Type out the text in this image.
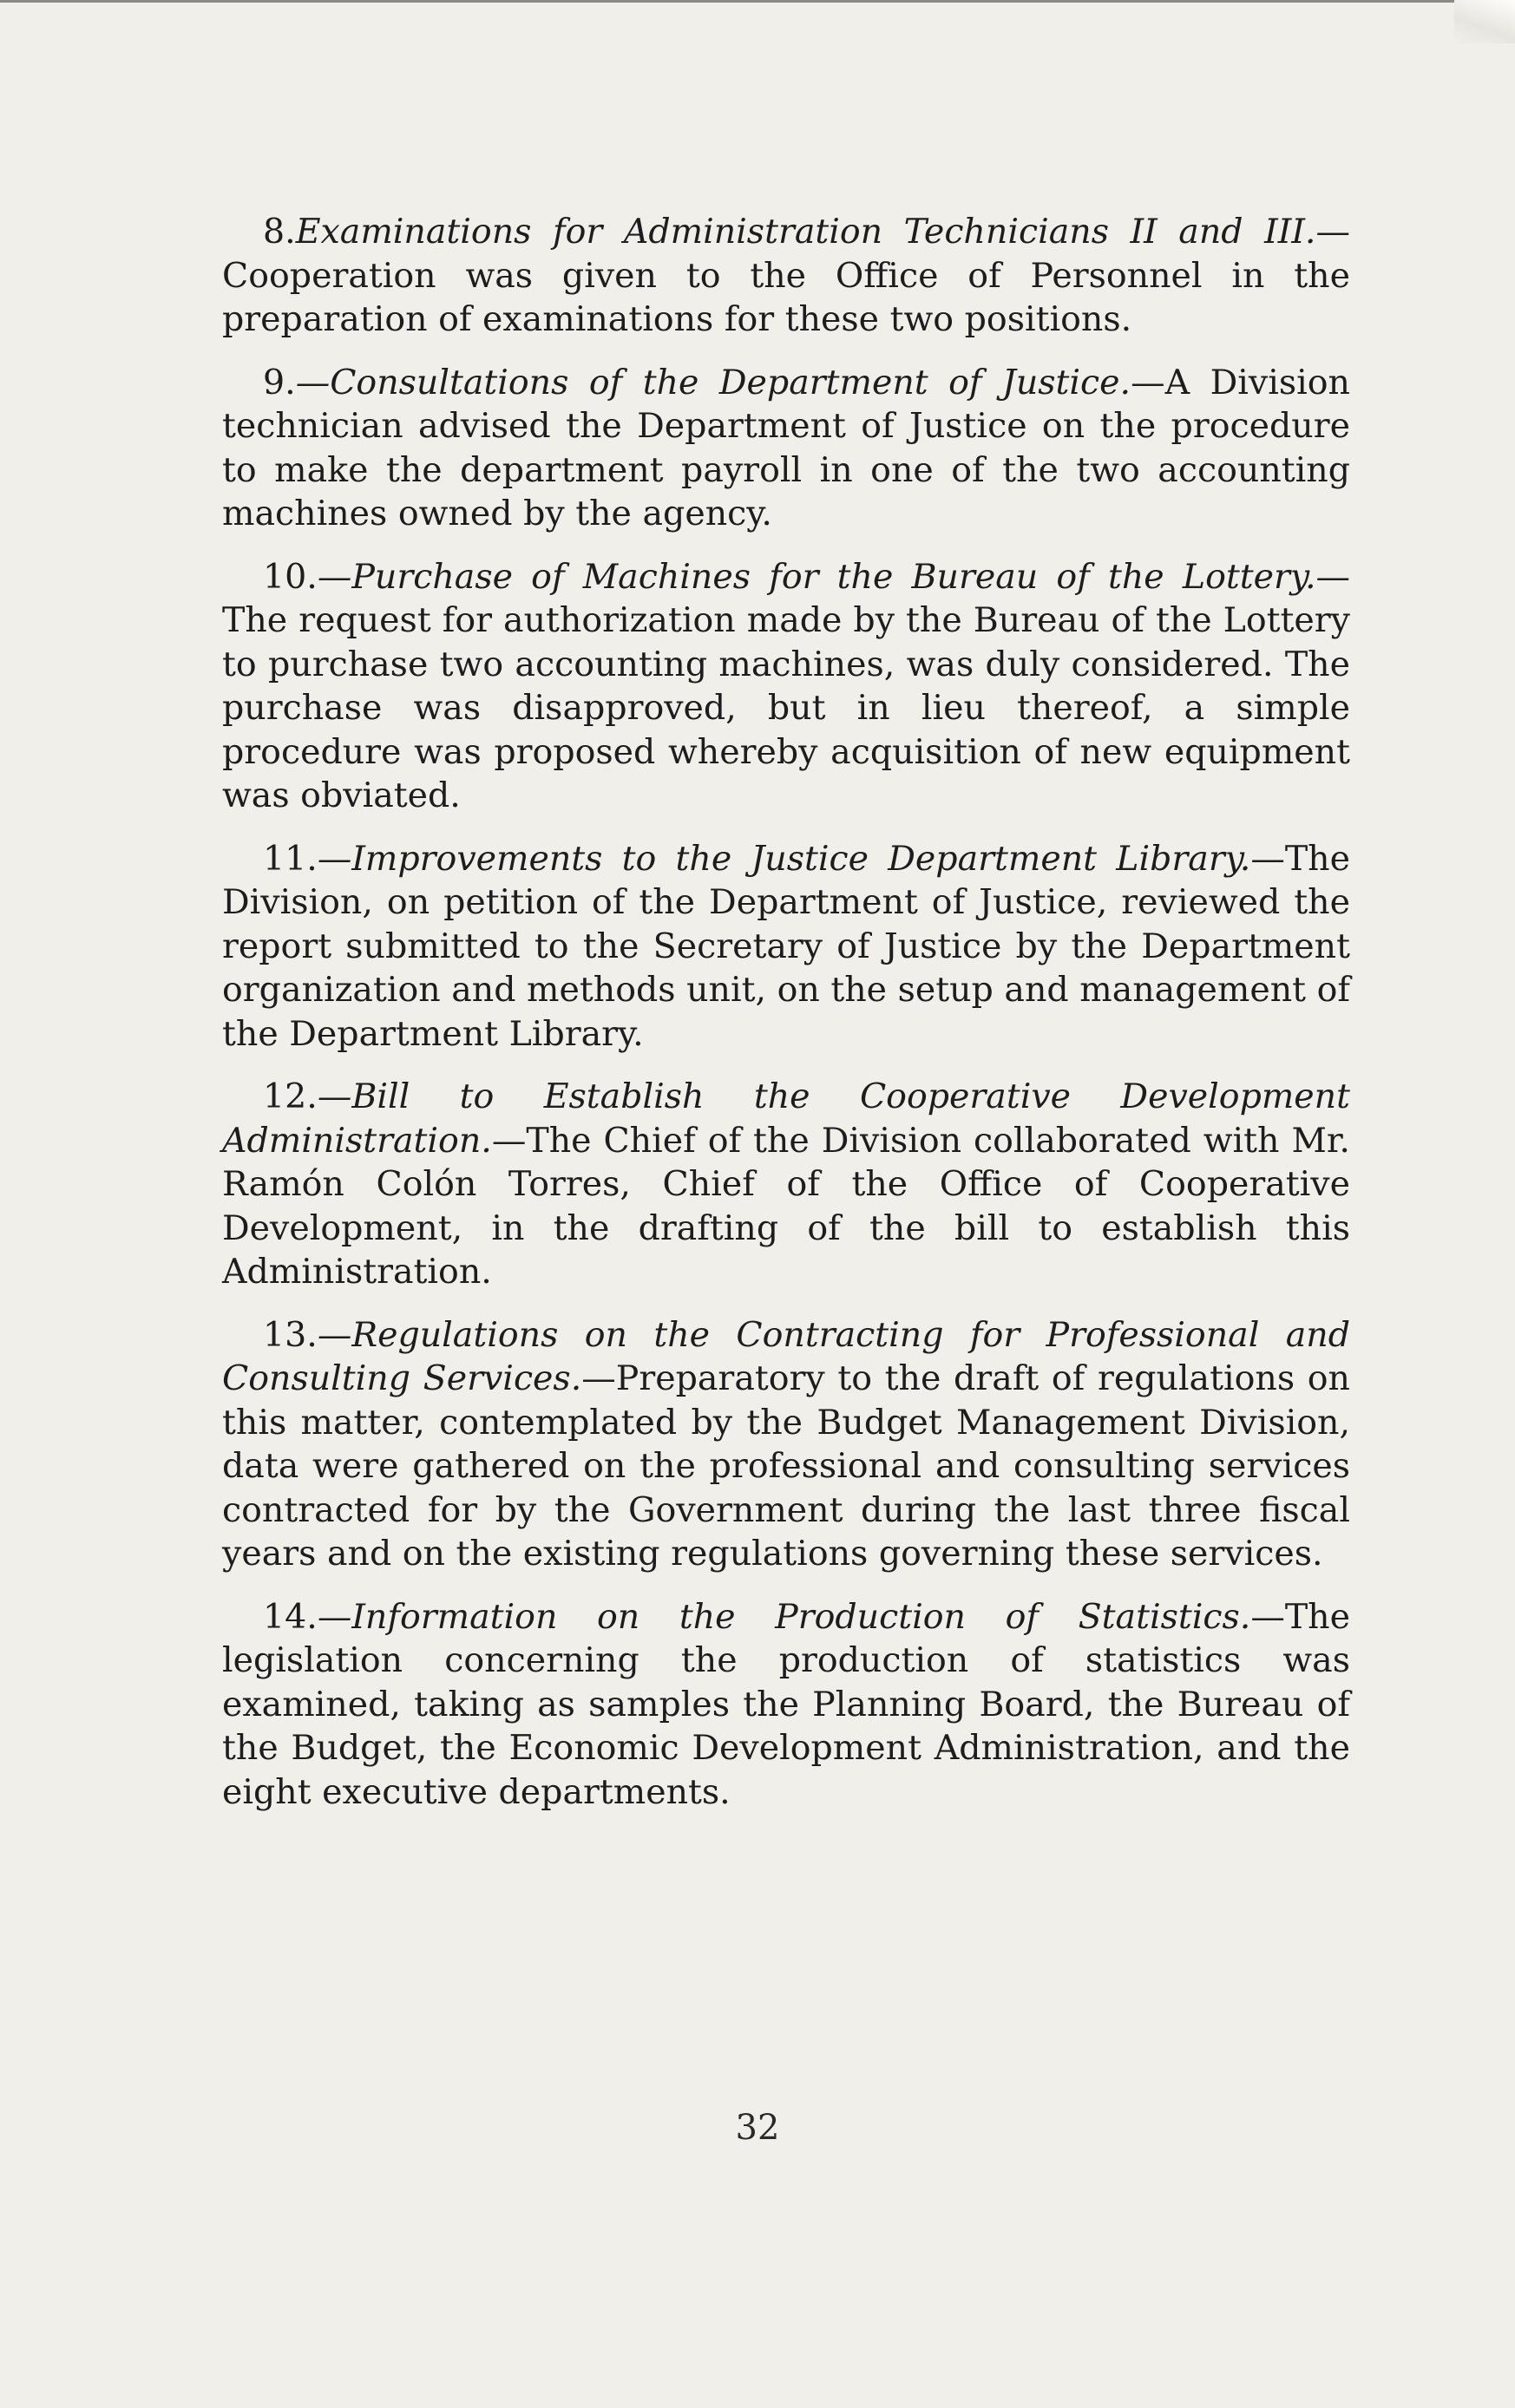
8.Examinations for Administration Technicians II and III.—Cooperation was given to the Office of Personnel in the preparation of examinations for these two positions.

9.—Consultations of the Department of Justice.—A Division technician advised the Department of Justice on the procedure to make the department payroll in one of the two accounting machines owned by the agency.

10.—Purchase of Machines for the Bureau of the Lottery.— The request for authorization made by the Bureau of the Lottery to purchase two accounting machines, was duly considered. The purchase was disapproved, but in lieu thereof, a simple procedure was proposed whereby acquisition of new equipment was obviated.

11.—Improvements to the Justice Department Library.—The Division, on petition of the Department of Justice, reviewed the report submitted to the Secretary of Justice by the Department organization and methods unit, on the setup and management of the Department Library.

12.—Bill to Establish the Cooperative Development Administration.—The Chief of the Division collaborated with Mr. Ramón Colón Torres, Chief of the Office of Cooperative Development, in the drafting of the bill to establish this Administration.

13.—Regulations on the Contracting for Professional and Consulting Services.—Preparatory to the draft of regulations on this matter, contemplated by the Budget Management Division, data were gathered on the professional and consulting services contracted for by the Government during the last three fiscal years and on the existing regulations governing these services.

14.—Information on the Production of Statistics.—The legislation concerning the production of statistics was examined, taking as samples the Planning Board, the Bureau of the Budget, the Economic Development Administration, and the eight executive departments.

32
